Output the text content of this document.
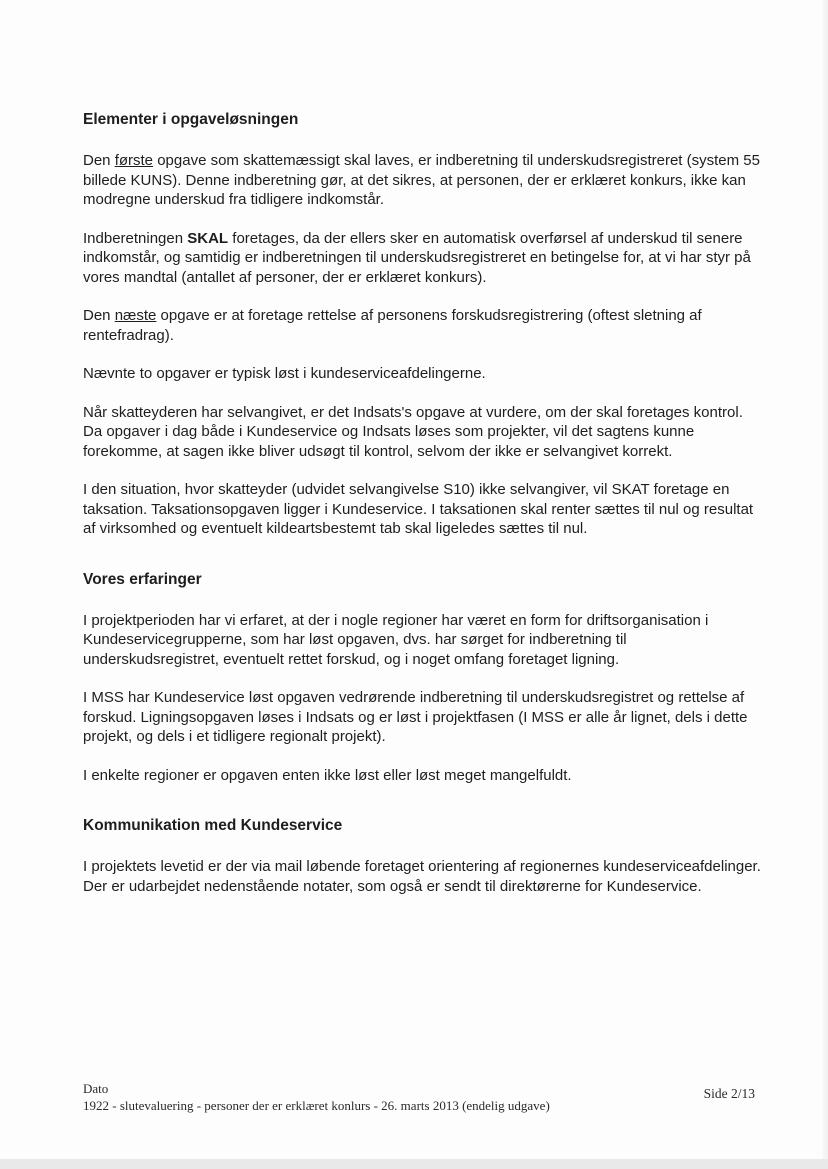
Elementer i opgaveløsningen

Den første opgave som skattemæssigt skal laves, er indberetning til underskudsregistreret (system 55 billede KUNS). Denne indberetning gør, at det sikres, at personen, der er erklæret konkurs, ikke kan modregne underskud fra tidligere indkomstår.

Indberetningen SKAL foretages, da der ellers sker en automatisk overførsel af underskud til senere indkomstår, og samtidig er indberetningen til underskudsregistreret en betingelse for, at vi har styr på vores mandtal (antallet af personer, der er erklæret konkurs).

Den næste opgave er at foretage rettelse af personens forskudsregistrering (oftest sletning af rentefradrag).

Nævnte to opgaver er typisk løst i kundeserviceafdelingerne.

Når skatteyderen har selvangivet, er det Indsats's opgave at vurdere, om der skal foretages kontrol. Da opgaver i dag både i Kundeservice og Indsats løses som projekter, vil det sagtens kunne forekomme, at sagen ikke bliver udsøgt til kontrol, selvom der ikke er selvangivet korrekt.

I den situation, hvor skatteyder (udvidet selvangivelse S10) ikke selvangiver, vil SKAT foretage en taksation. Taksationsopgaven ligger i Kundeservice. I taksationen skal renter sættes til nul og resultat af virksomhed og eventuelt kildeartsbestemt tab skal ligeledes sættes til nul.

Vores erfaringer

I projektperioden har vi erfaret, at der i nogle regioner har været en form for driftsorganisation i Kundeservicegrupperne, som har løst opgaven, dvs. har sørget for indberetning til underskudsregistret, eventuelt rettet forskud, og i noget omfang foretaget ligning.

I MSS har Kundeservice løst opgaven vedrørende indberetning til underskudsregistret og rettelse af forskud. Ligningsopgaven løses i Indsats og er løst i projektfasen (I MSS er alle år lignet, dels i dette projekt, og dels i et tidligere regionalt projekt).

I enkelte regioner er opgaven enten ikke løst eller løst meget mangelfuldt.

Kommunikation med Kundeservice

I projektets levetid er der via mail løbende foretaget orientering af regionernes kundeserviceafdelinger. Der er udarbejdet nedenstående notater, som også er sendt til direktørerne for Kundeservice.

Dato
1922 - slutevaluering - personer der er erklæret konlurs - 26. marts 2013 (endelig udgave)
Side 2/13
